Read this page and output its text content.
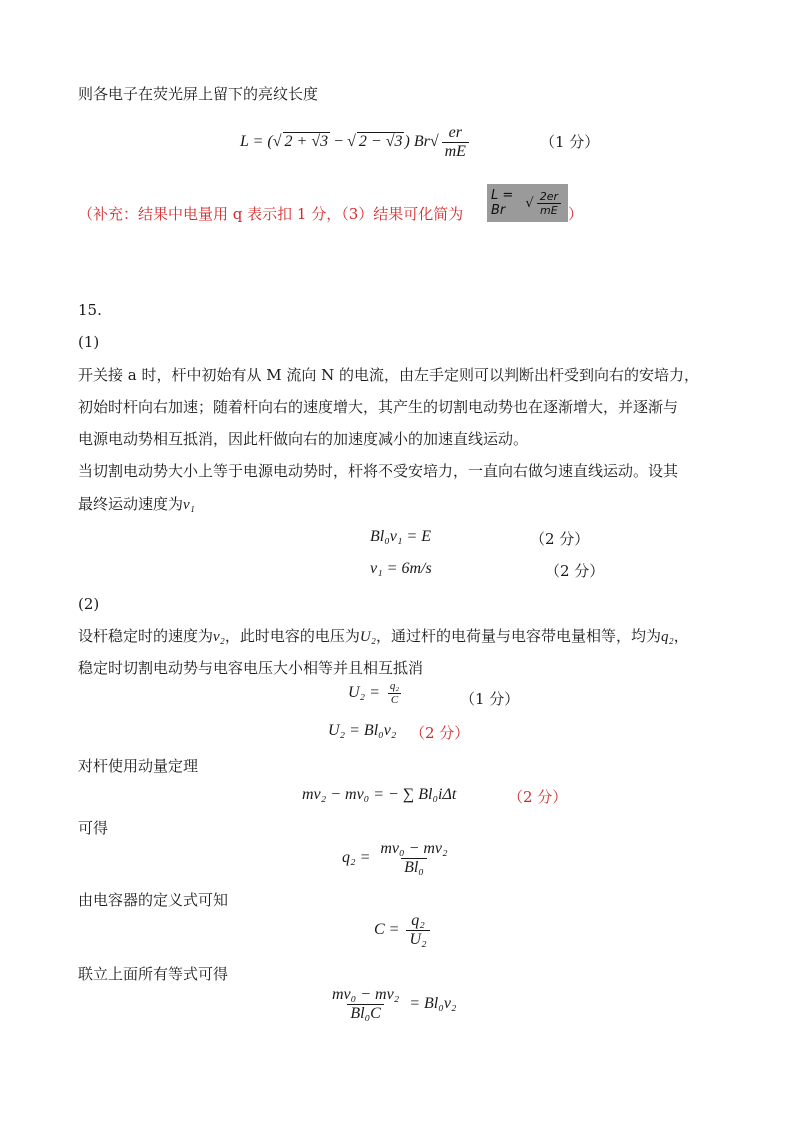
则各电子在荧光屏上留下的亮纹长度
L = (√ 2 + √3 − √ 2 − √3 ) $Br√ \frac{er}{mE}$	（1 分）
（补充：结果中电量用 q 表示扣 1 分，（3）结果可化简为
L = Br	√ $\frac{2er}{mE}$ ）
15.
(1)
开关接 a 时，杆中初始有从 M 流向 N 的电流，由左手定则可以判断出杆受到向右的安培力，
初始时杆向右加速；随着杆向右的速度增大，其产生的切割电动势也在逐渐增大，并逐渐与
电源电动势相互抵消，因此杆做向右的加速度减小的加速直线运动。
当切割电动势大小上等于电源电动势时，杆将不受安培力，一直向右做匀速直线运动。设其
最终运动速度为v₁
Bl₀v₁ = E	（2 分）
v₁ = 6m/s	（2 分）
(2)
设杆稳定时的速度为v₂，此时电容的电压为U₂，通过杆的电荷量与电容带电量相等，均为q₂，
稳定时切割电动势与电容电压大小相等并且相互抵消
$U_2 = \frac{\text{q₂}}{C}$	（1 分）
U₂ = Bl₀v₂ （2 分）
对杆使用动量定理
mv₂ − mv₀ = − ∑ Bl₀iΔt	（2 分）
可得
$q_2 = \frac{\text{mv₀ − mv₂}}{\text{Bl₀}}$
由电容器的定义式可知
$C = \frac{\text{q₂}}{\text{U₂}}$
联立上面所有等式可得
$\frac{\text{mv₀ − mv₂}}{\text{Bl₀C}} = Bl_0v_2$
